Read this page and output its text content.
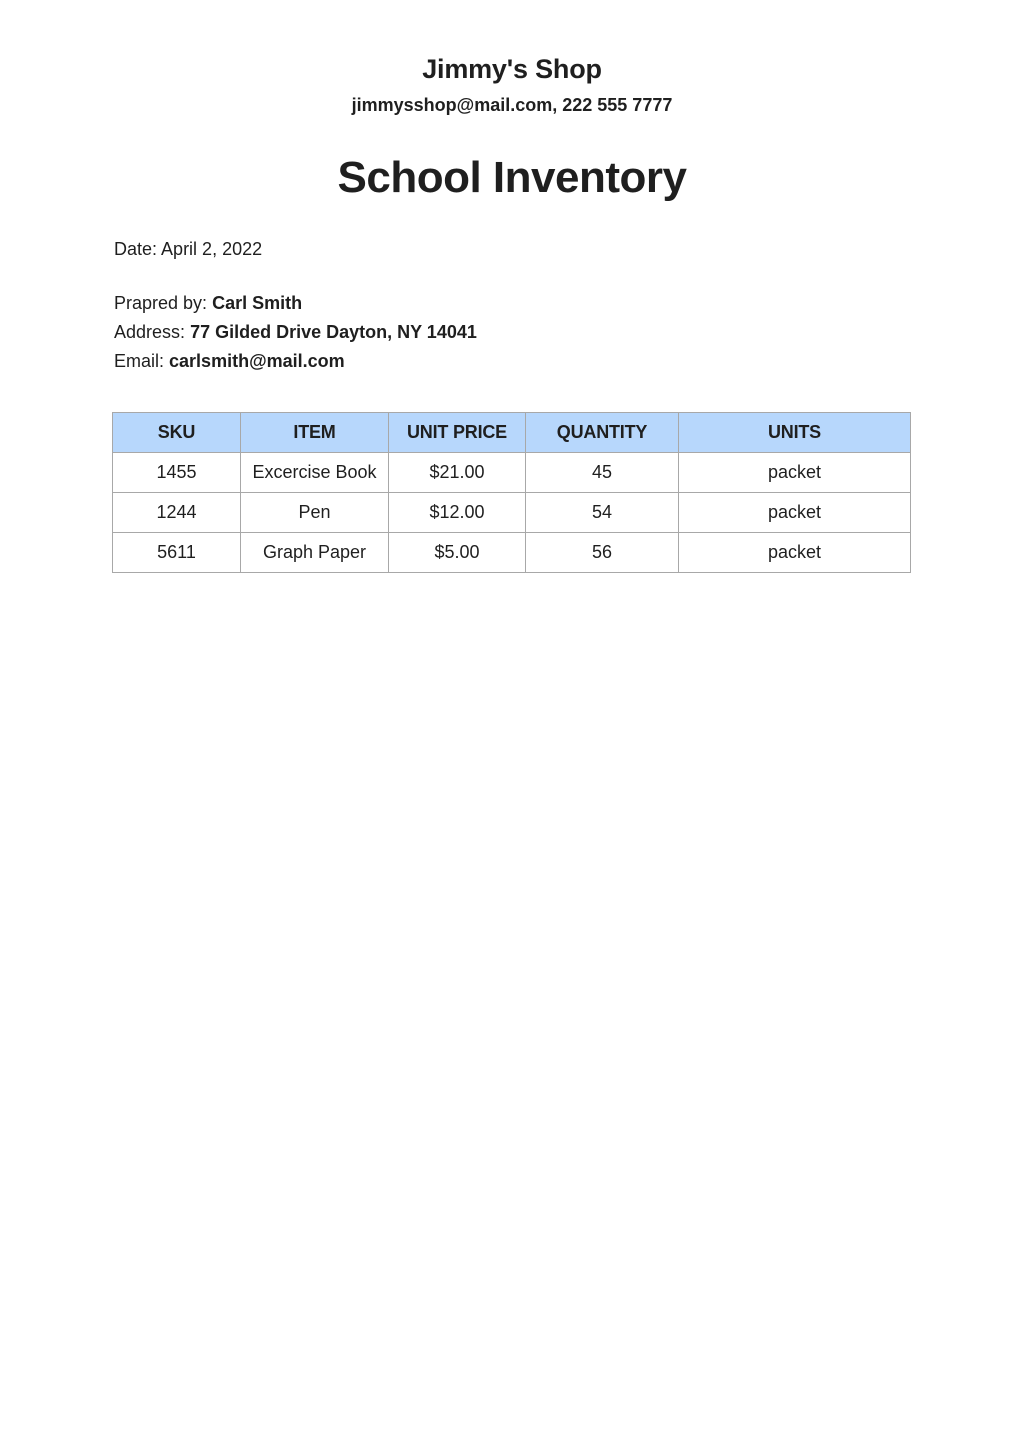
Jimmy's Shop
jimmysshop@mail.com, 222 555 7777
School Inventory
Date: April 2, 2022
Prapred by: Carl Smith
Address: 77 Gilded Drive Dayton, NY 14041
Email: carlsmith@mail.com
SKU	ITEM	UNIT PRICE	QUANTITY	UNITS
1455	Excercise Book	$21.00	45	packet
1244	Pen	$12.00	54	packet
5611	Graph Paper	$5.00	56	packet
